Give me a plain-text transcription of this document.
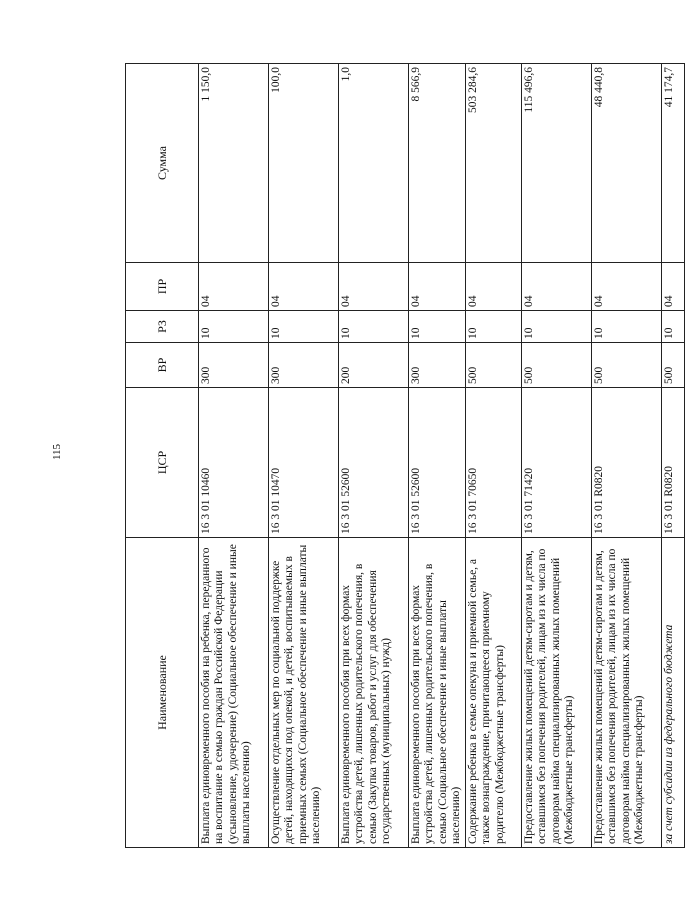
115
Наименование	ЦСР	ВР	РЗ	ПР	Сумма
Выплата единовременного пособия на ребенка, переданного на воспитание в семью граждан Российской Федерации (усыновление, удочерение) (Социальное обеспечение и иные выплаты населению)	16 3 01 10460	300	10	04	1 150,0
Осуществление отдельных мер по социальной поддержке детей, находящихся под опекой, и детей, воспитываемых в приемных семьях (Социальное обеспечение и иные выплаты населению)	16 3 01 10470	300	10	04	100,0
Выплата единовременного пособия при всех формах устройства детей, лишенных родительского попечения, в семью (Закупка товаров, работ и услуг для обеспечения государственных (муниципальных) нужд)	16 3 01 52600	200	10	04	1,0
Выплата единовременного пособия при всех формах устройства детей, лишенных родительского попечения, в семью (Социальное обеспечение и иные выплаты населению)	16 3 01 52600	300	10	04	8 566,9
Содержание ребенка в семье опекуна и приемной семье, а также вознаграждение, причитающееся приемному родителю (Межбюджетные трансферты)	16 3 01 70650	500	10	04	503 284,6
Предоставление жилых помещений детям-сиротам и детям, оставшимся без попечения родителей, лицам из их числа по договорам найма специализированных жилых помещений (Межбюджетные трансферты)	16 3 01 71420	500	10	04	115 496,6
Предоставление жилых помещений детям-сиротам и детям, оставшимся без попечения родителей, лицам из их числа по договорам найма специализированных жилых помещений (Межбюджетные трансферты)	16 3 01 R0820	500	10	04	48 440,8
за счет субсидии из федерального бюджета	16 3 01 R0820	500	10	04	41 174,7
